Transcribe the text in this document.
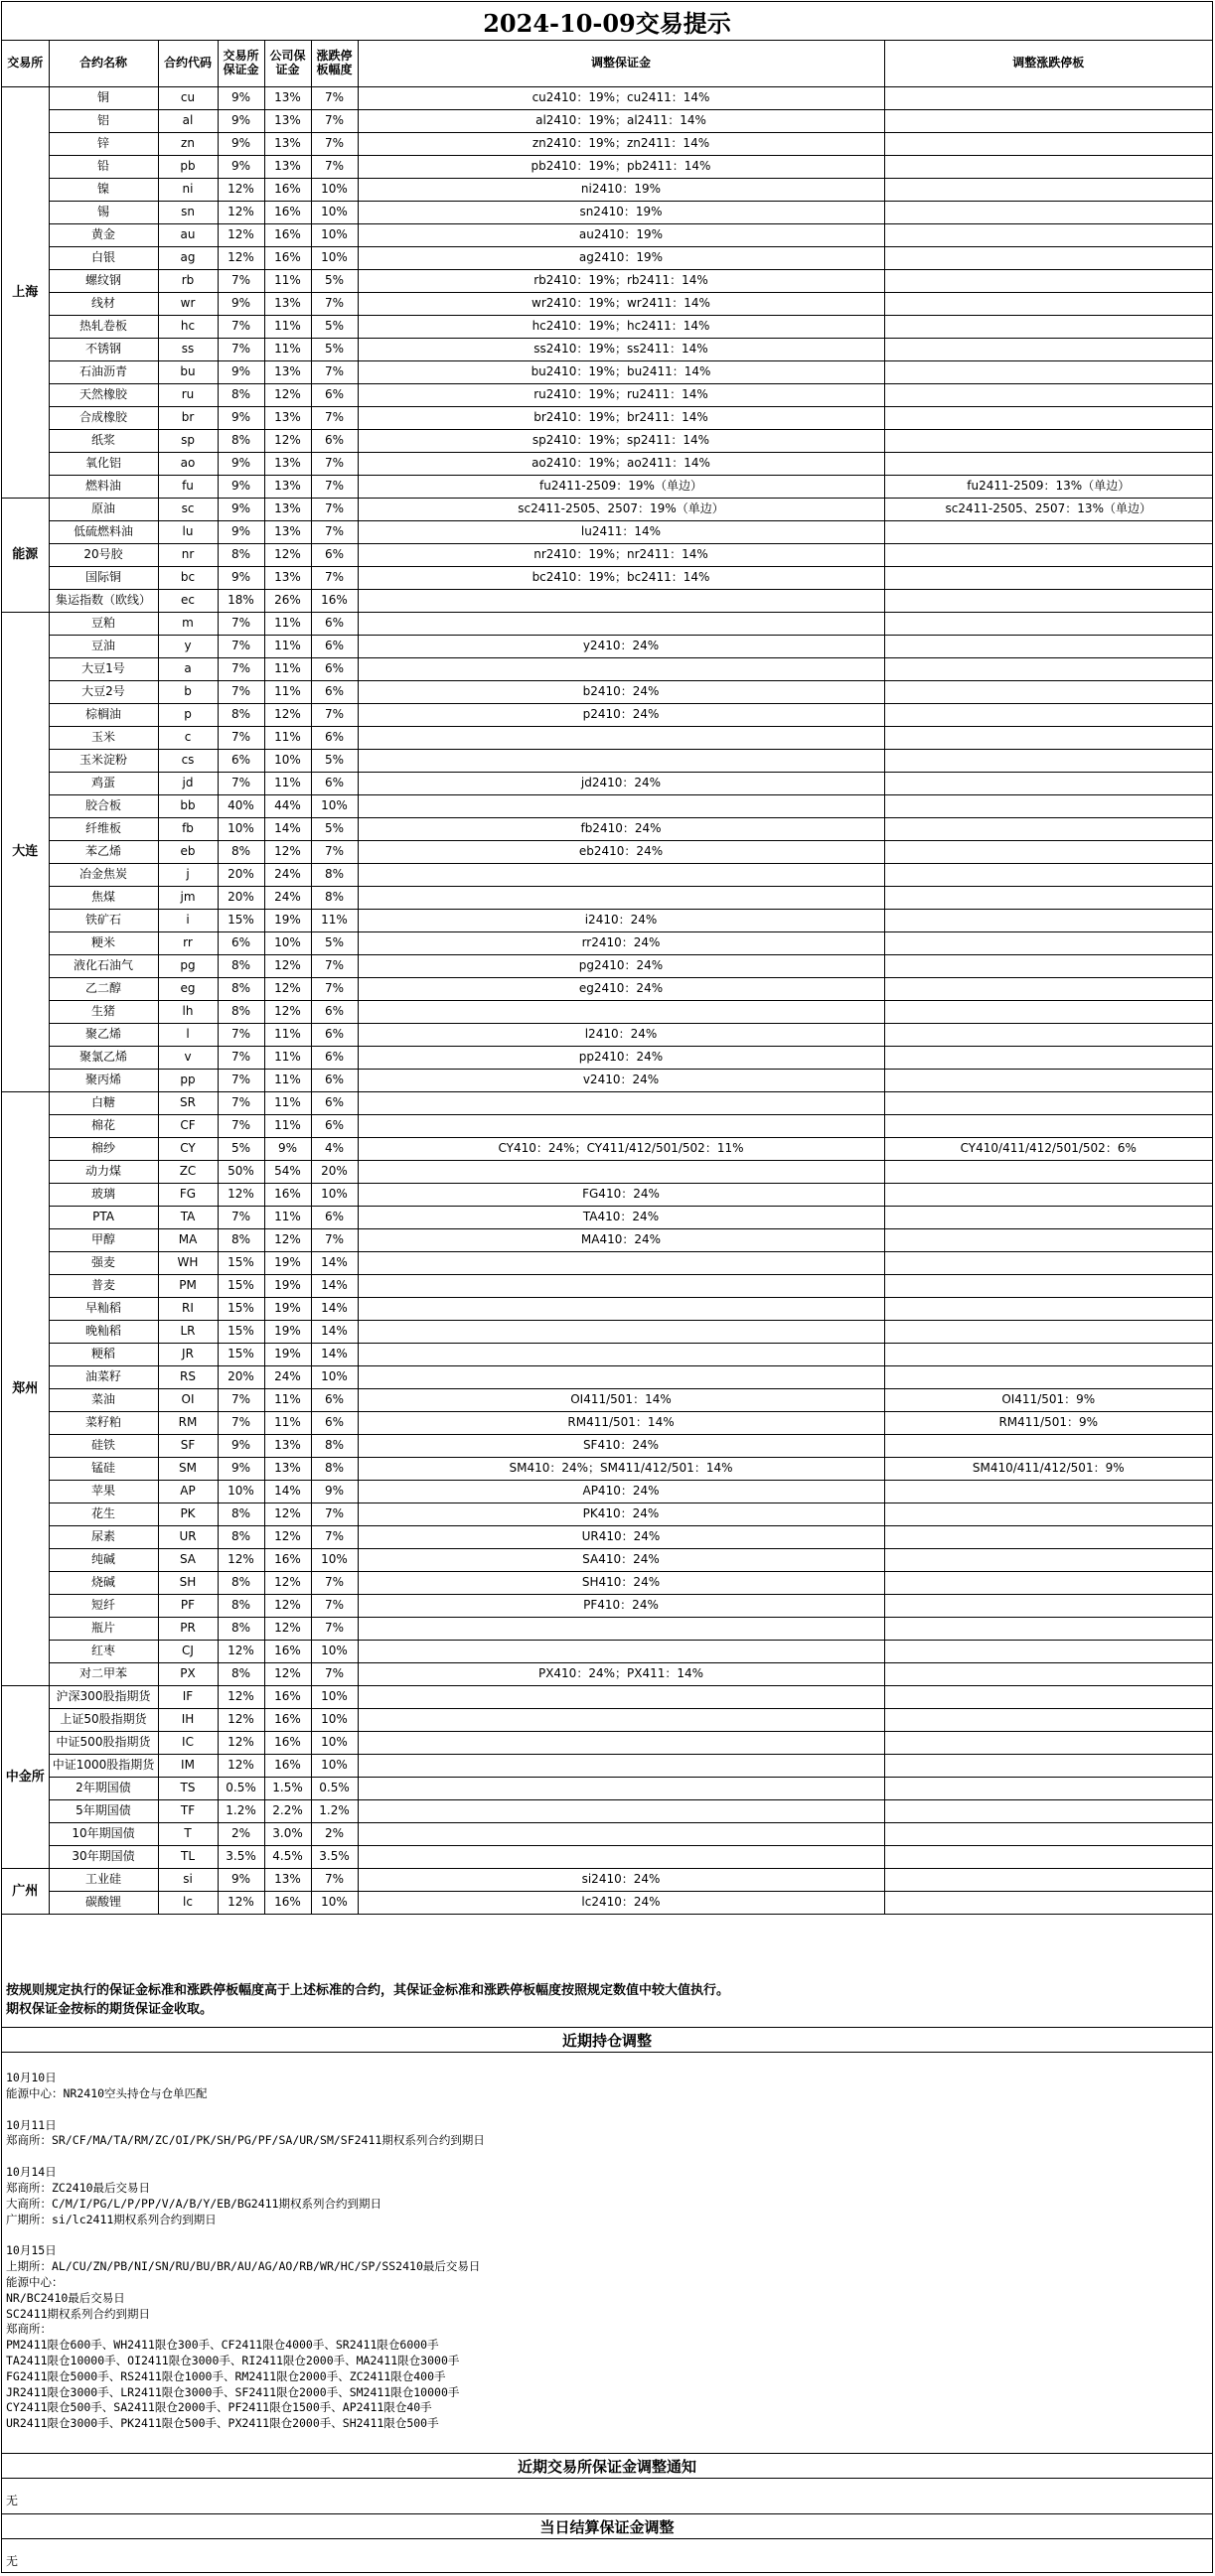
2024-10-09交易提示
交易所	合约名称	合约代码	交易所保证金	公司保证金	涨跌停板幅度	调整保证金	调整涨跌停板
上海	铜	cu	9%	13%	7%	cu2410：19%；cu2411：14%	
	铝	al	9%	13%	7%	al2410：19%；al2411：14%	
	锌	zn	9%	13%	7%	zn2410：19%；zn2411：14%	
	铅	pb	9%	13%	7%	pb2410：19%；pb2411：14%	
	镍	ni	12%	16%	10%	ni2410：19%	
	锡	sn	12%	16%	10%	sn2410：19%	
	黄金	au	12%	16%	10%	au2410：19%	
	白银	ag	12%	16%	10%	ag2410：19%	
	螺纹钢	rb	7%	11%	5%	rb2410：19%；rb2411：14%	
	线材	wr	9%	13%	7%	wr2410：19%；wr2411：14%	
	热轧卷板	hc	7%	11%	5%	hc2410：19%；hc2411：14%	
	不锈钢	ss	7%	11%	5%	ss2410：19%；ss2411：14%	
	石油沥青	bu	9%	13%	7%	bu2410：19%；bu2411：14%	
	天然橡胶	ru	8%	12%	6%	ru2410：19%；ru2411：14%	
	合成橡胶	br	9%	13%	7%	br2410：19%；br2411：14%	
	纸浆	sp	8%	12%	6%	sp2410：19%；sp2411：14%	
	氧化铝	ao	9%	13%	7%	ao2410：19%；ao2411：14%	
	燃料油	fu	9%	13%	7%	fu2411-2509：19%（单边）	fu2411-2509：13%（单边）
能源	原油	sc	9%	13%	7%	sc2411-2505、2507：19%（单边）	sc2411-2505、2507：13%（单边）
	低硫燃料油	lu	9%	13%	7%	lu2411：14%	
	20号胶	nr	8%	12%	6%	nr2410：19%；nr2411：14%	
	国际铜	bc	9%	13%	7%	bc2410：19%；bc2411：14%	
	集运指数（欧线）	ec	18%	26%	16%		
大连	豆粕	m	7%	11%	6%		
	豆油	y	7%	11%	6%	y2410：24%	
	大豆1号	a	7%	11%	6%		
	大豆2号	b	7%	11%	6%	b2410：24%	
	棕榈油	p	8%	12%	7%	p2410：24%	
	玉米	c	7%	11%	6%		
	玉米淀粉	cs	6%	10%	5%		
	鸡蛋	jd	7%	11%	6%	jd2410：24%	
	胶合板	bb	40%	44%	10%		
	纤维板	fb	10%	14%	5%	fb2410：24%	
	苯乙烯	eb	8%	12%	7%	eb2410：24%	
	冶金焦炭	j	20%	24%	8%		
	焦煤	jm	20%	24%	8%		
	铁矿石	i	15%	19%	11%	i2410：24%	
	粳米	rr	6%	10%	5%	rr2410：24%	
	液化石油气	pg	8%	12%	7%	pg2410：24%	
	乙二醇	eg	8%	12%	7%	eg2410：24%	
	生猪	lh	8%	12%	6%		
	聚乙烯	l	7%	11%	6%	l2410：24%	
	聚氯乙烯	v	7%	11%	6%	pp2410：24%	
	聚丙烯	pp	7%	11%	6%	v2410：24%	
郑州	白糖	SR	7%	11%	6%		
	棉花	CF	7%	11%	6%		
	棉纱	CY	5%	9%	4%	CY410：24%；CY411/412/501/502：11%	CY410/411/412/501/502：6%
	动力煤	ZC	50%	54%	20%		
	玻璃	FG	12%	16%	10%	FG410：24%	
	PTA	TA	7%	11%	6%	TA410：24%	
	甲醇	MA	8%	12%	7%	MA410：24%	
	强麦	WH	15%	19%	14%		
	普麦	PM	15%	19%	14%		
	早籼稻	RI	15%	19%	14%		
	晚籼稻	LR	15%	19%	14%		
	粳稻	JR	15%	19%	14%		
	油菜籽	RS	20%	24%	10%		
	菜油	OI	7%	11%	6%	OI411/501：14%	OI411/501：9%
	菜籽粕	RM	7%	11%	6%	RM411/501：14%	RM411/501：9%
	硅铁	SF	9%	13%	8%	SF410：24%	
	锰硅	SM	9%	13%	8%	SM410：24%；SM411/412/501：14%	SM410/411/412/501：9%
	苹果	AP	10%	14%	9%	AP410：24%	
	花生	PK	8%	12%	7%	PK410：24%	
	尿素	UR	8%	12%	7%	UR410：24%	
	纯碱	SA	12%	16%	10%	SA410：24%	
	烧碱	SH	8%	12%	7%	SH410：24%	
	短纤	PF	8%	12%	7%	PF410：24%	
	瓶片	PR	8%	12%	7%		
	红枣	CJ	12%	16%	10%		
	对二甲苯	PX	8%	12%	7%	PX410：24%；PX411：14%	
中金所	沪深300股指期货	IF	12%	16%	10%		
	上证50股指期货	IH	12%	16%	10%		
	中证500股指期货	IC	12%	16%	10%		
	中证1000股指期货	IM	12%	16%	10%		
	2年期国债	TS	0.5%	1.5%	0.5%		
	5年期国债	TF	1.2%	2.2%	1.2%		
	10年期国债	T	2%	3.0%	2%		
	30年期国债	TL	3.5%	4.5%	3.5%		
广州	工业硅	si	9%	13%	7%	si2410：24%	
	碳酸锂	lc	12%	16%	10%	lc2410：24%	
按规则规定执行的保证金标准和涨跌停板幅度高于上述标准的合约，其保证金标准和涨跌停板幅度按照规定数值中较大值执行。
期权保证金按标的期货保证金收取。
近期持仓调整
10月10日
能源中心：NR2410空头持仓与仓单匹配
10月11日
郑商所：SR/CF/MA/TA/RM/ZC/OI/PK/SH/PG/PF/SA/UR/SM/SF2411期权系列合约到期日
10月14日
郑商所：ZC2410最后交易日
大商所：C/M/I/PG/L/P/PP/V/A/B/Y/EB/BG2411期权系列合约到期日
广期所：si/lc2411期权系列合约到期日
10月15日
上期所：AL/CU/ZN/PB/NI/SN/RU/BU/BR/AU/AG/AO/RB/WR/HC/SP/SS2410最后交易日
能源中心：
NR/BC2410最后交易日
SC2411期权系列合约到期日
郑商所：
PM2411限仓600手、WH2411限仓300手、CF2411限仓4000手、SR2411限仓6000手
TA2411限仓10000手、OI2411限仓3000手、RI2411限仓2000手、MA2411限仓3000手
FG2411限仓5000手、RS2411限仓1000手、RM2411限仓2000手、ZC2411限仓400手
JR2411限仓3000手、LR2411限仓3000手、SF2411限仓2000手、SM2411限仓10000手
CY2411限仓500手、SA2411限仓2000手、PF2411限仓1500手、AP2411限仓40手
UR2411限仓3000手、PK2411限仓500手、PX2411限仓2000手、SH2411限仓500手
近期交易所保证金调整通知
无
当日结算保证金调整
无
